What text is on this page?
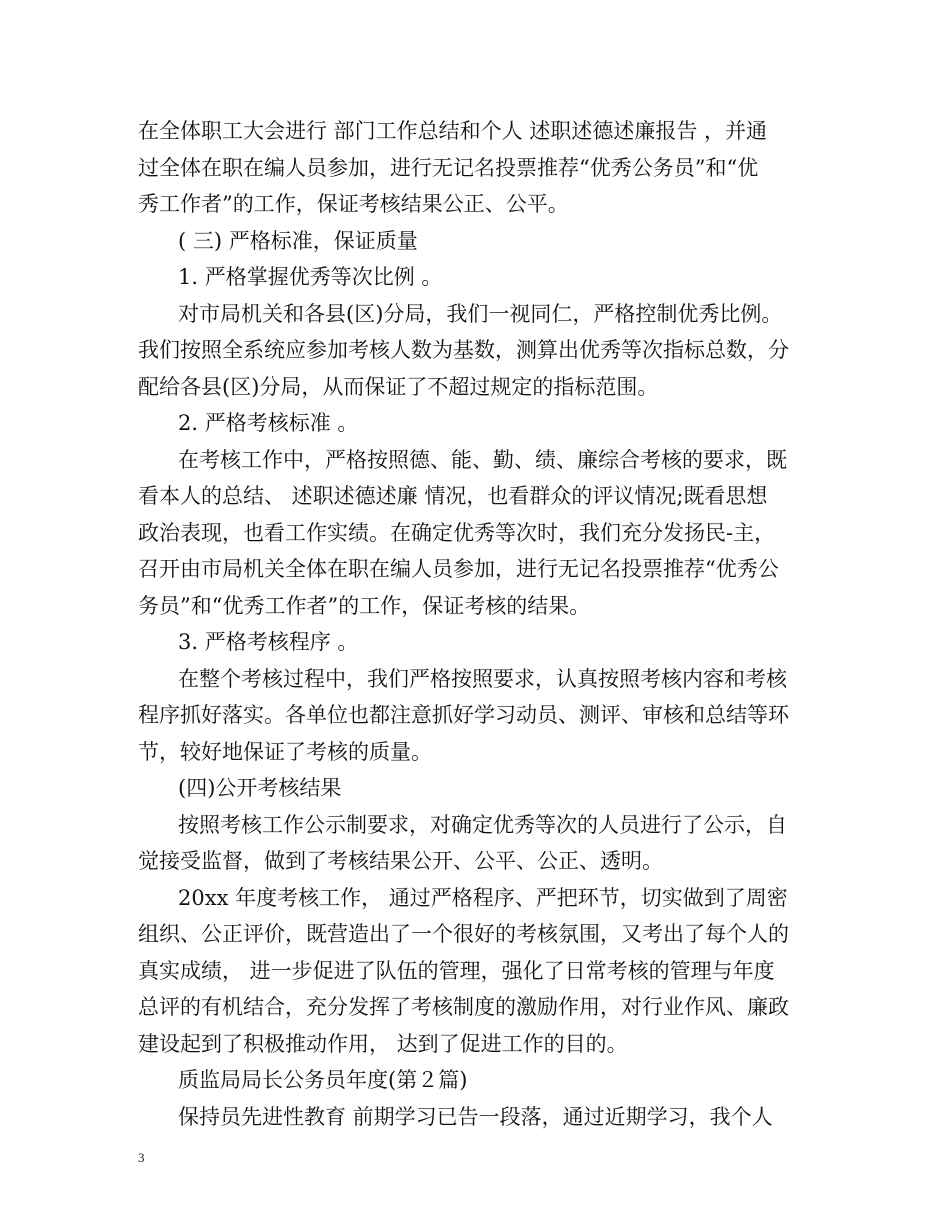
在全体职工大会进行 部门工作总结和个人 述职述德述廉报告 ，并通
过全体在职在编人员参加，进行无记名投票推荐“优秀公务员”和“优
秀工作者”的工作，保证考核结果公正、公平。
( 三) 严格标准，保证质量
1. 严格掌握优秀等次比例 。
对市局机关和各县(区)分局，我们一视同仁，严格控制优秀比例。
我们按照全系统应参加考核人数为基数，测算出优秀等次指标总数，分
配给各县(区)分局，从而保证了不超过规定的指标范围。
2. 严格考核标准 。
在考核工作中，严格按照德、能、勤、绩、廉综合考核的要求，既
看本人的总结、 述职述德述廉 情况，也看群众的评议情况;既看思想
政治表现，也看工作实绩。在确定优秀等次时，我们充分发扬民-主，
召开由市局机关全体在职在编人员参加，进行无记名投票推荐“优秀公
务员”和“优秀工作者”的工作，保证考核的结果。
3. 严格考核程序 。
在整个考核过程中，我们严格按照要求，认真按照考核内容和考核
程序抓好落实。各单位也都注意抓好学习动员、测评、审核和总结等环
节，较好地保证了考核的质量。
(四)公开考核结果
按照考核工作公示制要求，对确定优秀等次的人员进行了公示，自
觉接受监督，做到了考核结果公开、公平、公正、透明。
20xx 年度考核工作， 通过严格程序、严把环节，切实做到了周密
组织、公正评价，既营造出了一个很好的考核氛围，又考出了每个人的
真实成绩， 进一步促进了队伍的管理，强化了日常考核的管理与年度
总评的有机结合，充分发挥了考核制度的激励作用，对行业作风、廉政
建设起到了积极推动作用， 达到了促进工作的目的。
质监局局长公务员年度(第２篇)
保持员先进性教育 前期学习已告一段落，通过近期学习，我个人
3
